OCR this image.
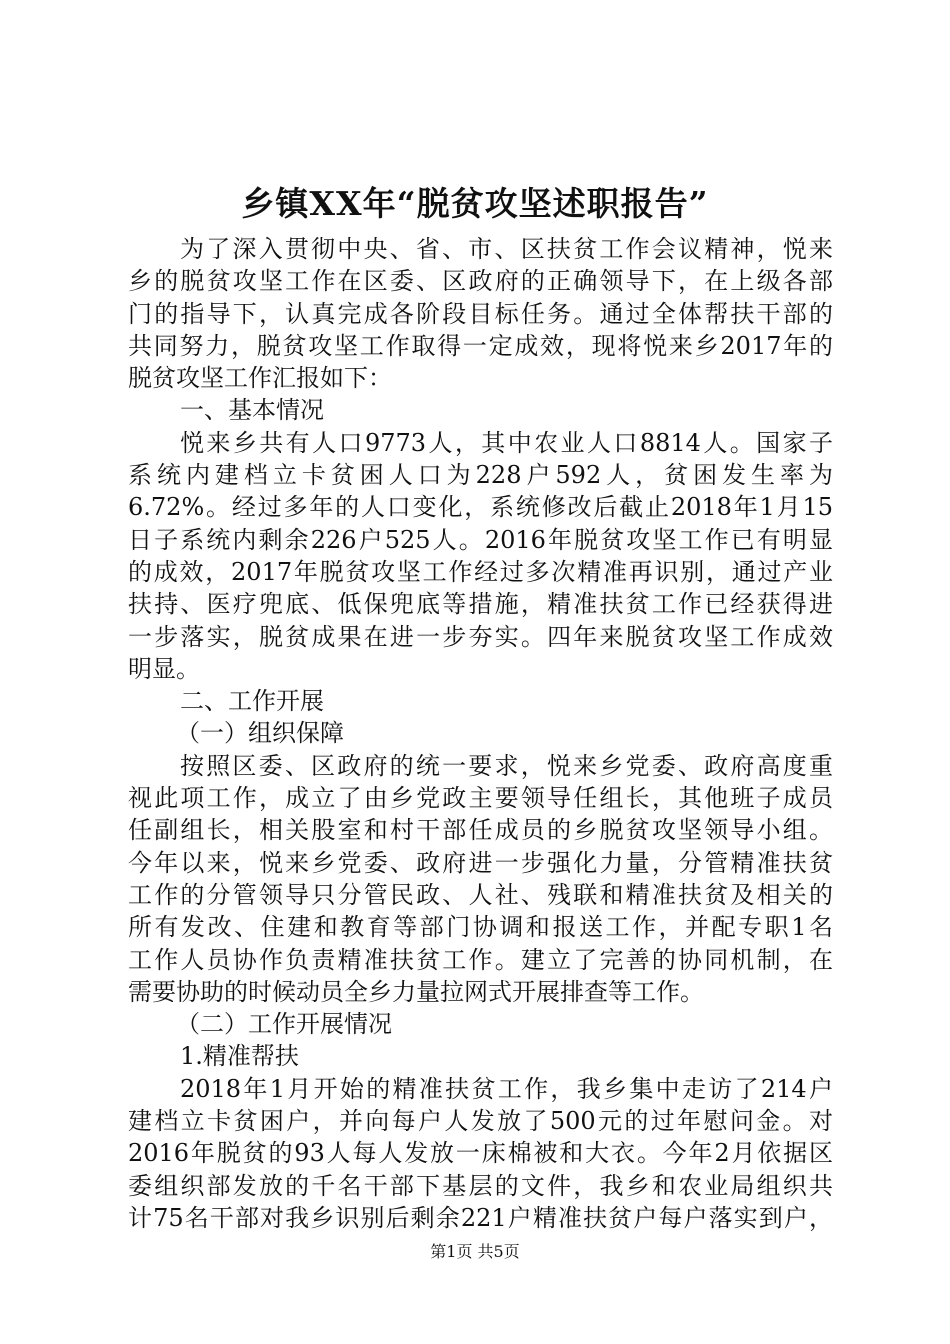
乡镇XX年“脱贫攻坚述职报告”
为了深入贯彻中央、省、市、区扶贫工作会议精神，悦来
乡的脱贫攻坚工作在区委、区政府的正确领导下，在上级各部
门的指导下，认真完成各阶段目标任务。通过全体帮扶干部的
共同努力，脱贫攻坚工作取得一定成效，现将悦来乡2017年的
脱贫攻坚工作汇报如下：
一、基本情况
悦来乡共有人口9773人，其中农业人口8814人。国家子
系统内建档立卡贫困人口为228户592人，贫困发生率为
6.72%。经过多年的人口变化，系统修改后截止2018年1月15
日子系统内剩余226户525人。2016年脱贫攻坚工作已有明显
的成效，2017年脱贫攻坚工作经过多次精准再识别，通过产业
扶持、医疗兜底、低保兜底等措施，精准扶贫工作已经获得进
一步落实，脱贫成果在进一步夯实。四年来脱贫攻坚工作成效
明显。
二、工作开展
（一）组织保障
按照区委、区政府的统一要求，悦来乡党委、政府高度重
视此项工作，成立了由乡党政主要领导任组长，其他班子成员
任副组长，相关股室和村干部任成员的乡脱贫攻坚领导小组。
今年以来，悦来乡党委、政府进一步强化力量，分管精准扶贫
工作的分管领导只分管民政、人社、残联和精准扶贫及相关的
所有发改、住建和教育等部门协调和报送工作，并配专职1名
工作人员协作负责精准扶贫工作。建立了完善的协同机制，在
需要协助的时候动员全乡力量拉网式开展排查等工作。
（二）工作开展情况
1.精准帮扶
2018年1月开始的精准扶贫工作，我乡集中走访了214户
建档立卡贫困户，并向每户人发放了500元的过年慰问金。对
2016年脱贫的93人每人发放一床棉被和大衣。今年2月依据区
委组织部发放的千名干部下基层的文件，我乡和农业局组织共
计75名干部对我乡识别后剩余221户精准扶贫户每户落实到户，
第1页 共5页
